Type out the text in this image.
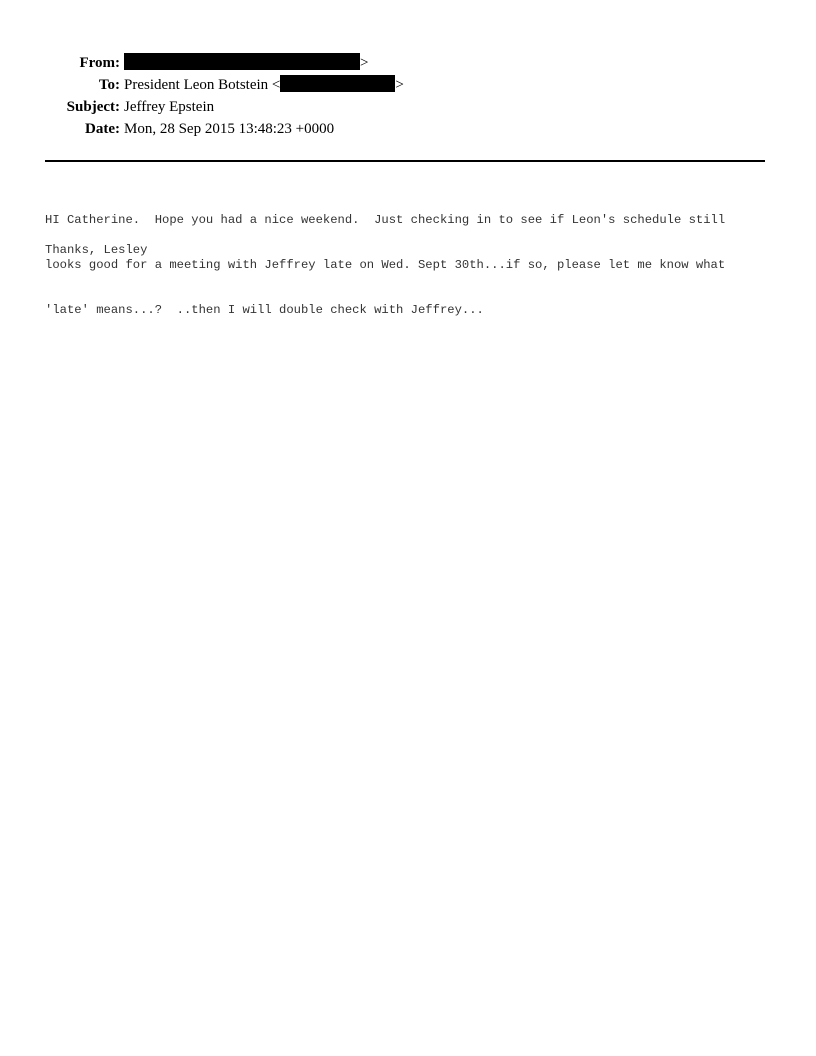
From:	>
To: President Leon Botstein <	>
Subject: Jeffrey Epstein
Date: Mon, 28 Sep 2015 13:48:23 +0000

HI Catherine.  Hope you had a nice weekend.  Just checking in to see if Leon's schedule still

looks good for a meeting with Jeffrey late on Wed. Sept 30th...if so, please let me know what

'late' means...?  ..then I will double check with Jeffrey...

Thanks, Lesley
